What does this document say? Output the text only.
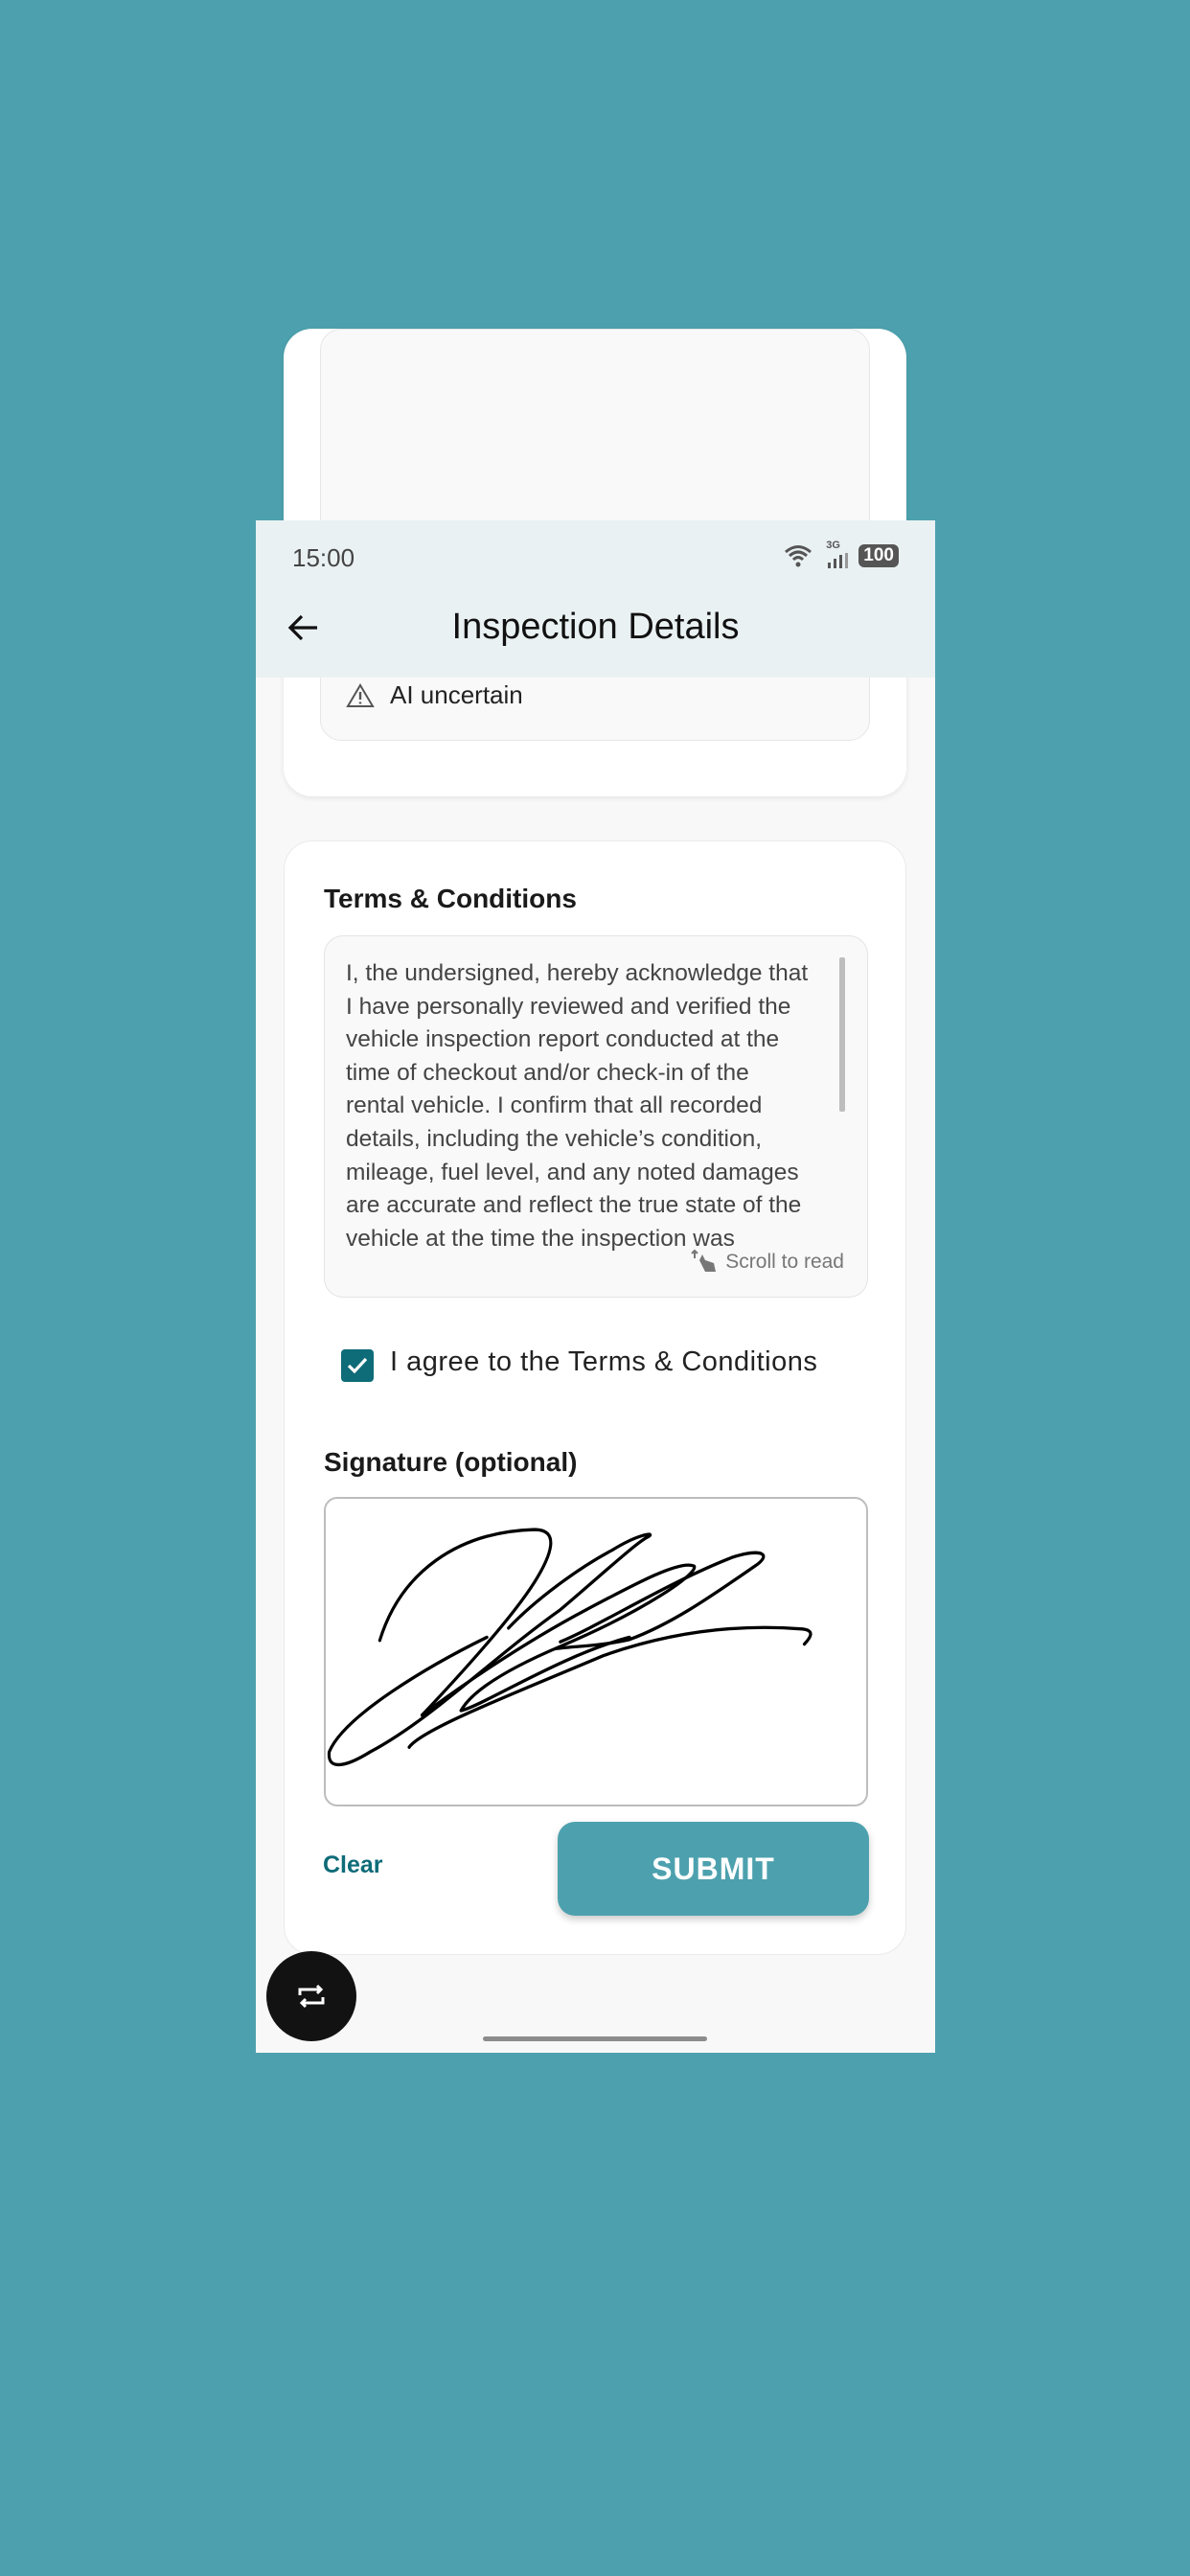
AI uncertain
15:00	3G 100
Inspection Details
Terms & Conditions
I, the undersigned, hereby acknowledge that
I have personally reviewed and verified the
vehicle inspection report conducted at the
time of checkout and/or check-in of the
rental vehicle. I confirm that all recorded
details, including the vehicle’s condition,
mileage, fuel level, and any noted damages
are accurate and reflect the true state of the
vehicle at the time the inspection was
Scroll to read
I agree to the Terms & Conditions
Signature (optional)
Clear	SUBMIT
